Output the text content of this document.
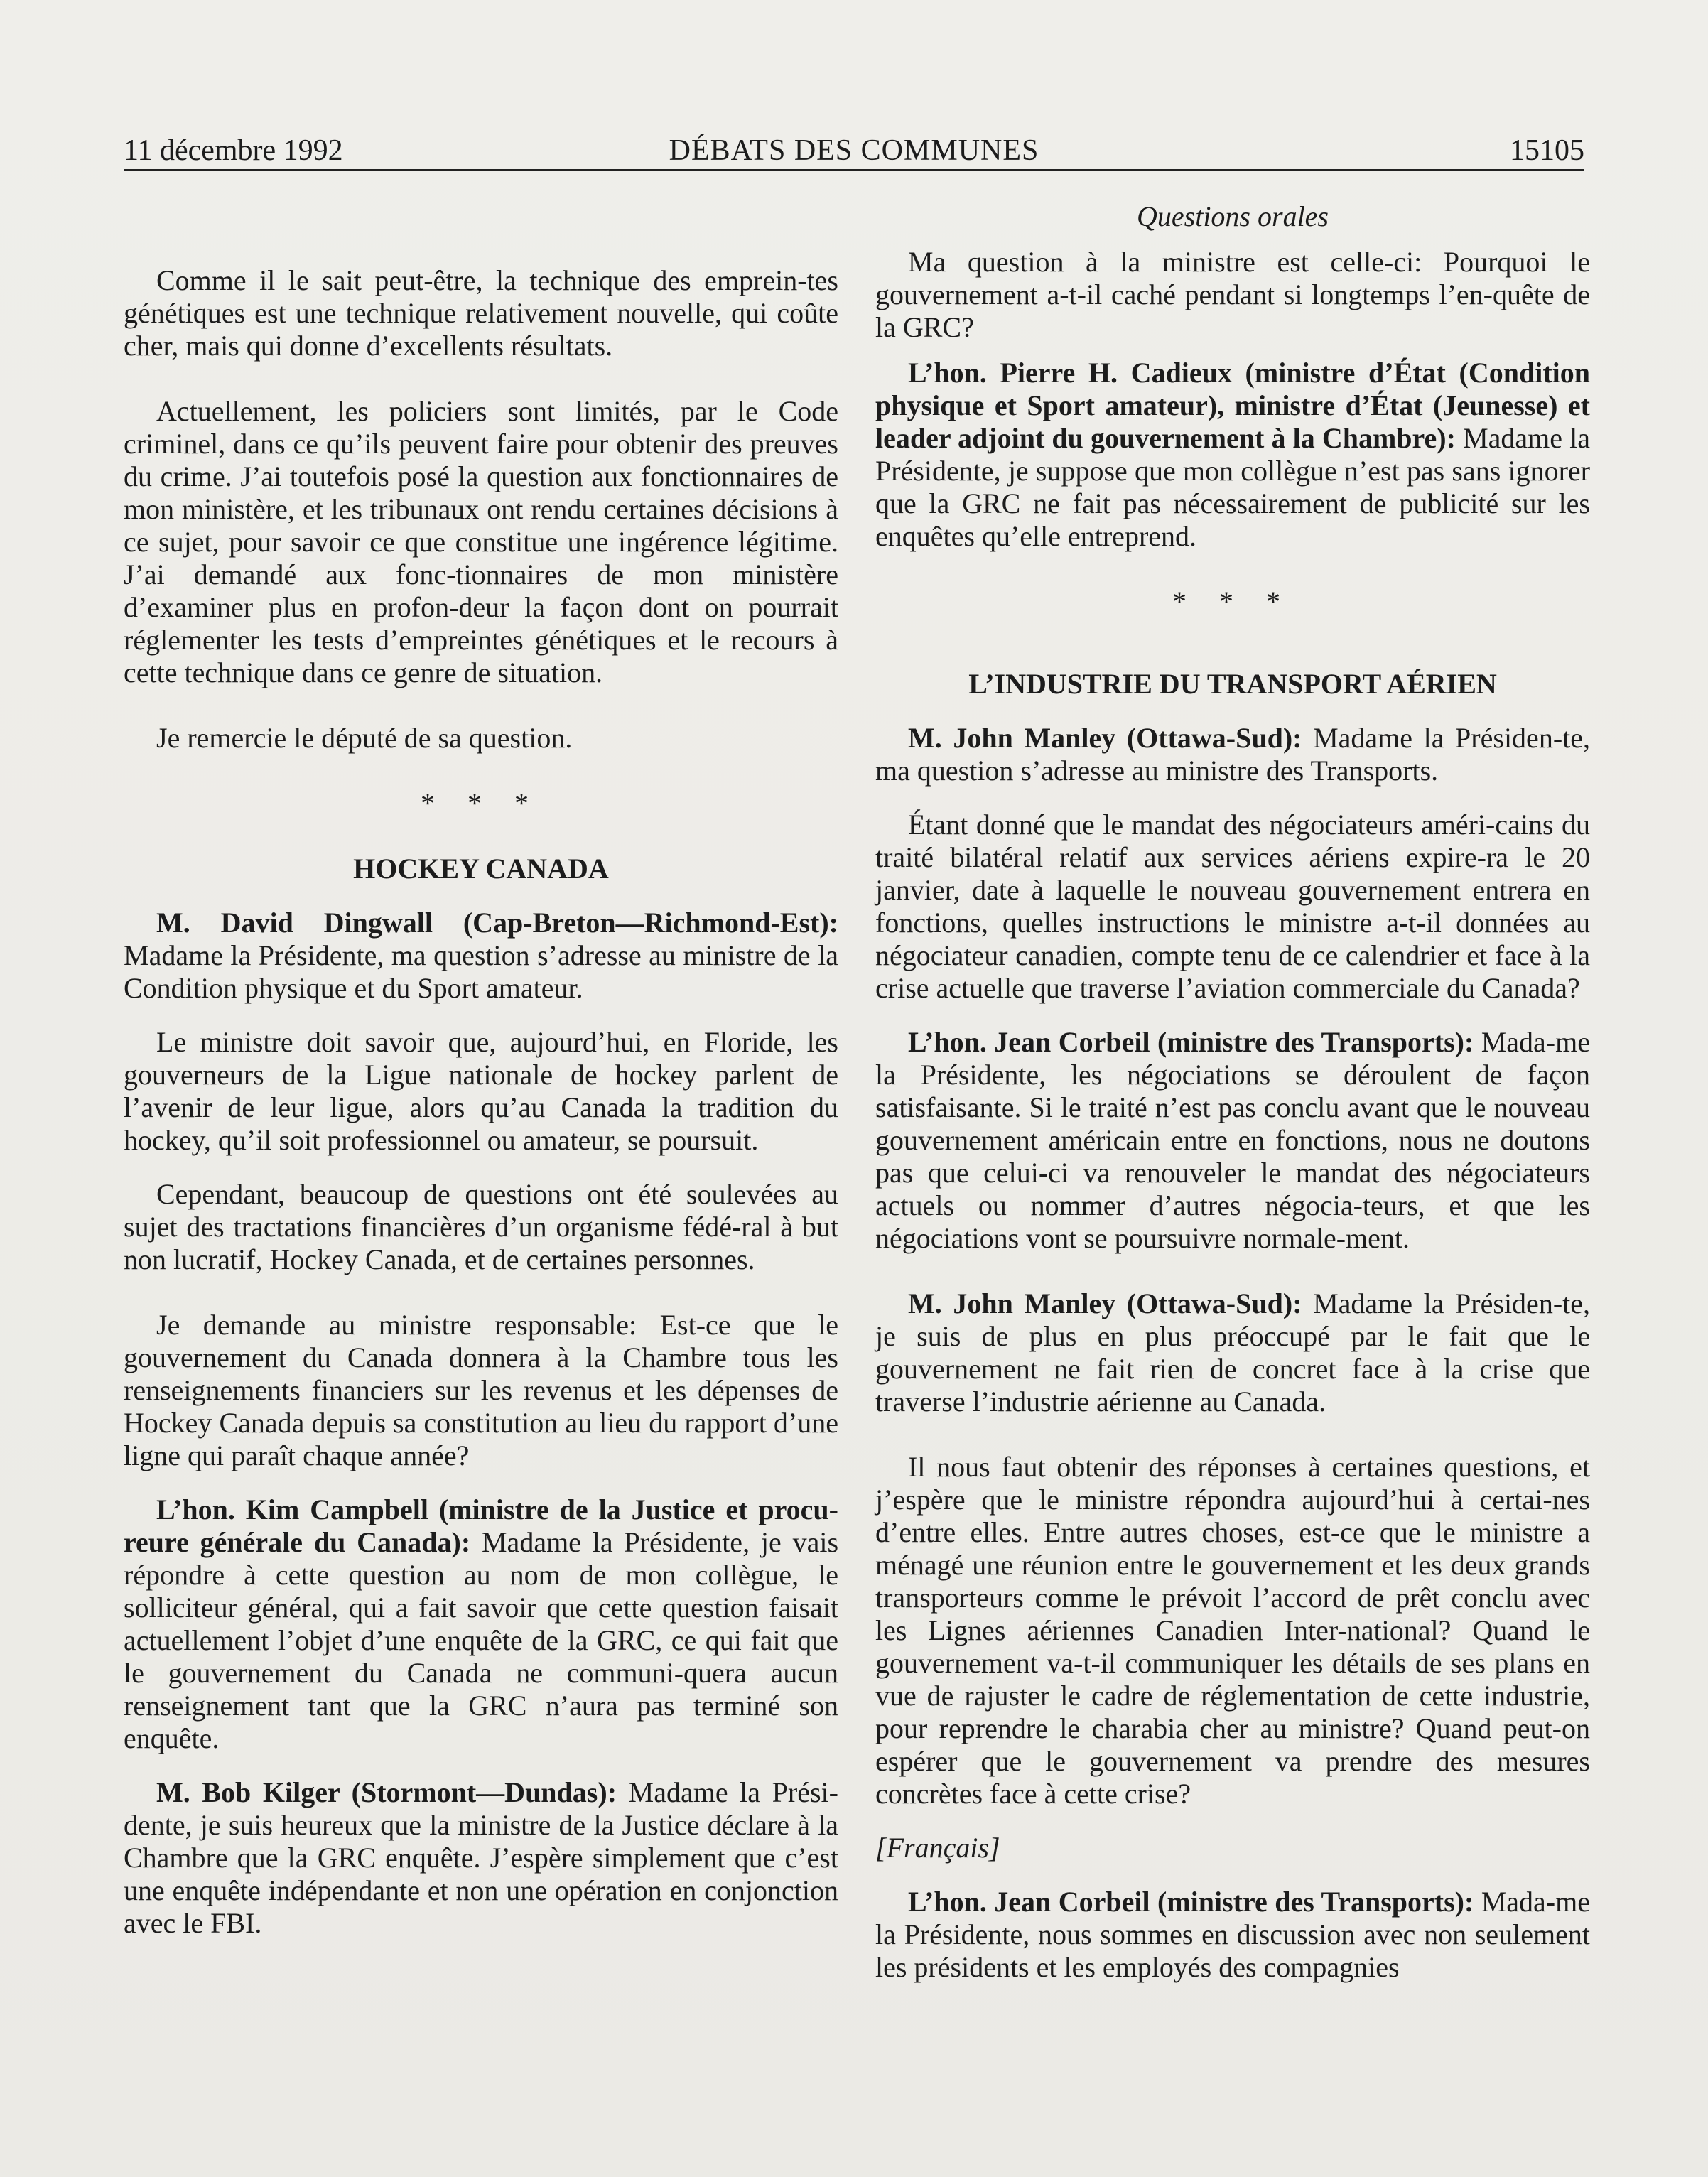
11 décembre 1992	DÉBATS DES COMMUNES	15105

Comme il le sait peut-être, la technique des emprein-tes génétiques est une technique relativement nouvelle, qui coûte cher, mais qui donne d’excellents résultats.

Actuellement, les policiers sont limités, par le Code criminel, dans ce qu’ils peuvent faire pour obtenir des preuves du crime. J’ai toutefois posé la question aux fonctionnaires de mon ministère, et les tribunaux ont rendu certaines décisions à ce sujet, pour savoir ce que constitue une ingérence légitime. J’ai demandé aux fonc-tionnaires de mon ministère d’examiner plus en profon-deur la façon dont on pourrait réglementer les tests d’empreintes génétiques et le recours à cette technique dans ce genre de situation.

Je remercie le député de sa question.

* * *

HOCKEY CANADA

M. David Dingwall (Cap-Breton—Richmond-Est): Madame la Présidente, ma question s’adresse au ministre de la Condition physique et du Sport amateur.

Le ministre doit savoir que, aujourd’hui, en Floride, les gouverneurs de la Ligue nationale de hockey parlent de l’avenir de leur ligue, alors qu’au Canada la tradition du hockey, qu’il soit professionnel ou amateur, se poursuit.

Cependant, beaucoup de questions ont été soulevées au sujet des tractations financières d’un organisme fédé-ral à but non lucratif, Hockey Canada, et de certaines personnes.

Je demande au ministre responsable: Est-ce que le gouvernement du Canada donnera à la Chambre tous les renseignements financiers sur les revenus et les dépenses de Hockey Canada depuis sa constitution au lieu du rapport d’une ligne qui paraît chaque année?

L’hon. Kim Campbell (ministre de la Justice et procu-reure générale du Canada): Madame la Présidente, je vais répondre à cette question au nom de mon collègue, le solliciteur général, qui a fait savoir que cette question faisait actuellement l’objet d’une enquête de la GRC, ce qui fait que le gouvernement du Canada ne communi-quera aucun renseignement tant que la GRC n’aura pas terminé son enquête.

M. Bob Kilger (Stormont—Dundas): Madame la Prési-dente, je suis heureux que la ministre de la Justice déclare à la Chambre que la GRC enquête. J’espère simplement que c’est une enquête indépendante et non une opération en conjonction avec le FBI.

Questions orales

Ma question à la ministre est celle-ci: Pourquoi le gouvernement a-t-il caché pendant si longtemps l’en-quête de la GRC?

L’hon. Pierre H. Cadieux (ministre d’État (Condition physique et Sport amateur), ministre d’État (Jeunesse) et leader adjoint du gouvernement à la Chambre): Madame la Présidente, je suppose que mon collègue n’est pas sans ignorer que la GRC ne fait pas nécessairement de publicité sur les enquêtes qu’elle entreprend.

* * *

L’INDUSTRIE DU TRANSPORT AÉRIEN

M. John Manley (Ottawa-Sud): Madame la Présiden-te, ma question s’adresse au ministre des Transports.

Étant donné que le mandat des négociateurs améri-cains du traité bilatéral relatif aux services aériens expire-ra le 20 janvier, date à laquelle le nouveau gouvernement entrera en fonctions, quelles instructions le ministre a-t-il données au négociateur canadien, compte tenu de ce calendrier et face à la crise actuelle que traverse l’aviation commerciale du Canada?

L’hon. Jean Corbeil (ministre des Transports): Mada-me la Présidente, les négociations se déroulent de façon satisfaisante. Si le traité n’est pas conclu avant que le nouveau gouvernement américain entre en fonctions, nous ne doutons pas que celui-ci va renouveler le mandat des négociateurs actuels ou nommer d’autres négocia-teurs, et que les négociations vont se poursuivre normale-ment.

M. John Manley (Ottawa-Sud): Madame la Présiden-te, je suis de plus en plus préoccupé par le fait que le gouvernement ne fait rien de concret face à la crise que traverse l’industrie aérienne au Canada.

Il nous faut obtenir des réponses à certaines questions, et j’espère que le ministre répondra aujourd’hui à certai-nes d’entre elles. Entre autres choses, est-ce que le ministre a ménagé une réunion entre le gouvernement et les deux grands transporteurs comme le prévoit l’accord de prêt conclu avec les Lignes aériennes Canadien Inter-national? Quand le gouvernement va-t-il communiquer les détails de ses plans en vue de rajuster le cadre de réglementation de cette industrie, pour reprendre le charabia cher au ministre? Quand peut-on espérer que le gouvernement va prendre des mesures concrètes face à cette crise?

[Français]

L’hon. Jean Corbeil (ministre des Transports): Mada-me la Présidente, nous sommes en discussion avec non seulement les présidents et les employés des compagnies
